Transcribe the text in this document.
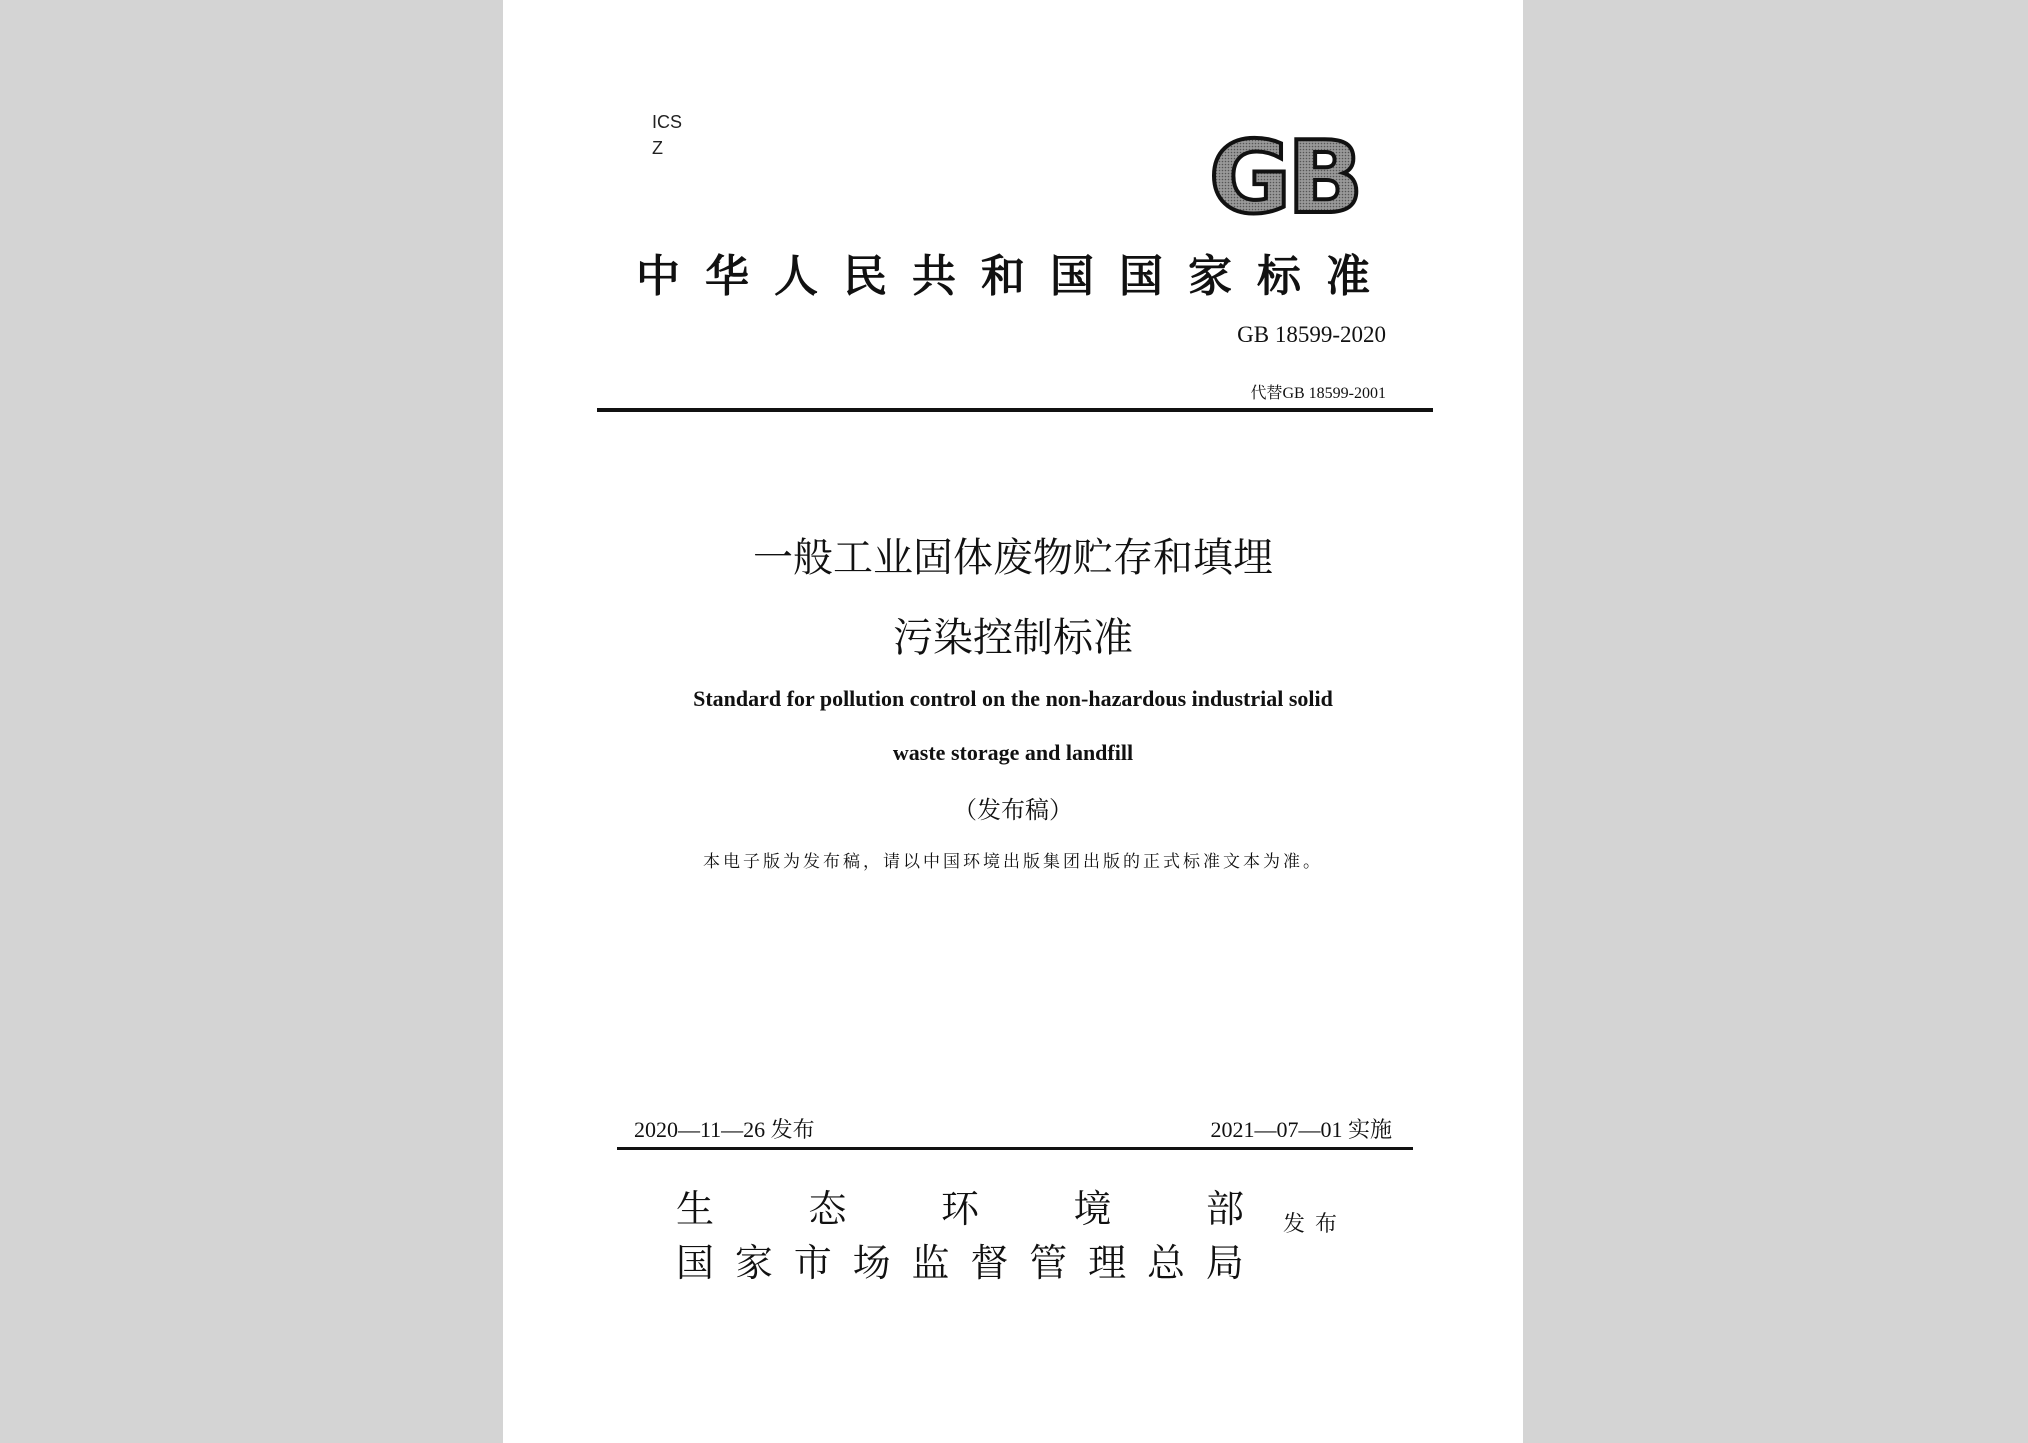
ICS
Z	GB
中华人民共和国国家标准
GB 18599-2020
代替GB 18599-2001
一般工业固体废物贮存和填埋
污染控制标准
Standard for pollution control on the non-hazardous industrial solid
waste storage and landfill
（发布稿）
本电子版为发布稿，请以中国环境出版集团出版的正式标准文本为准。
2020—11—26 发布	2021—07—01 实施
生 态 环 境 部
国 家 市 场 监 督 管 理 总 局
发布
